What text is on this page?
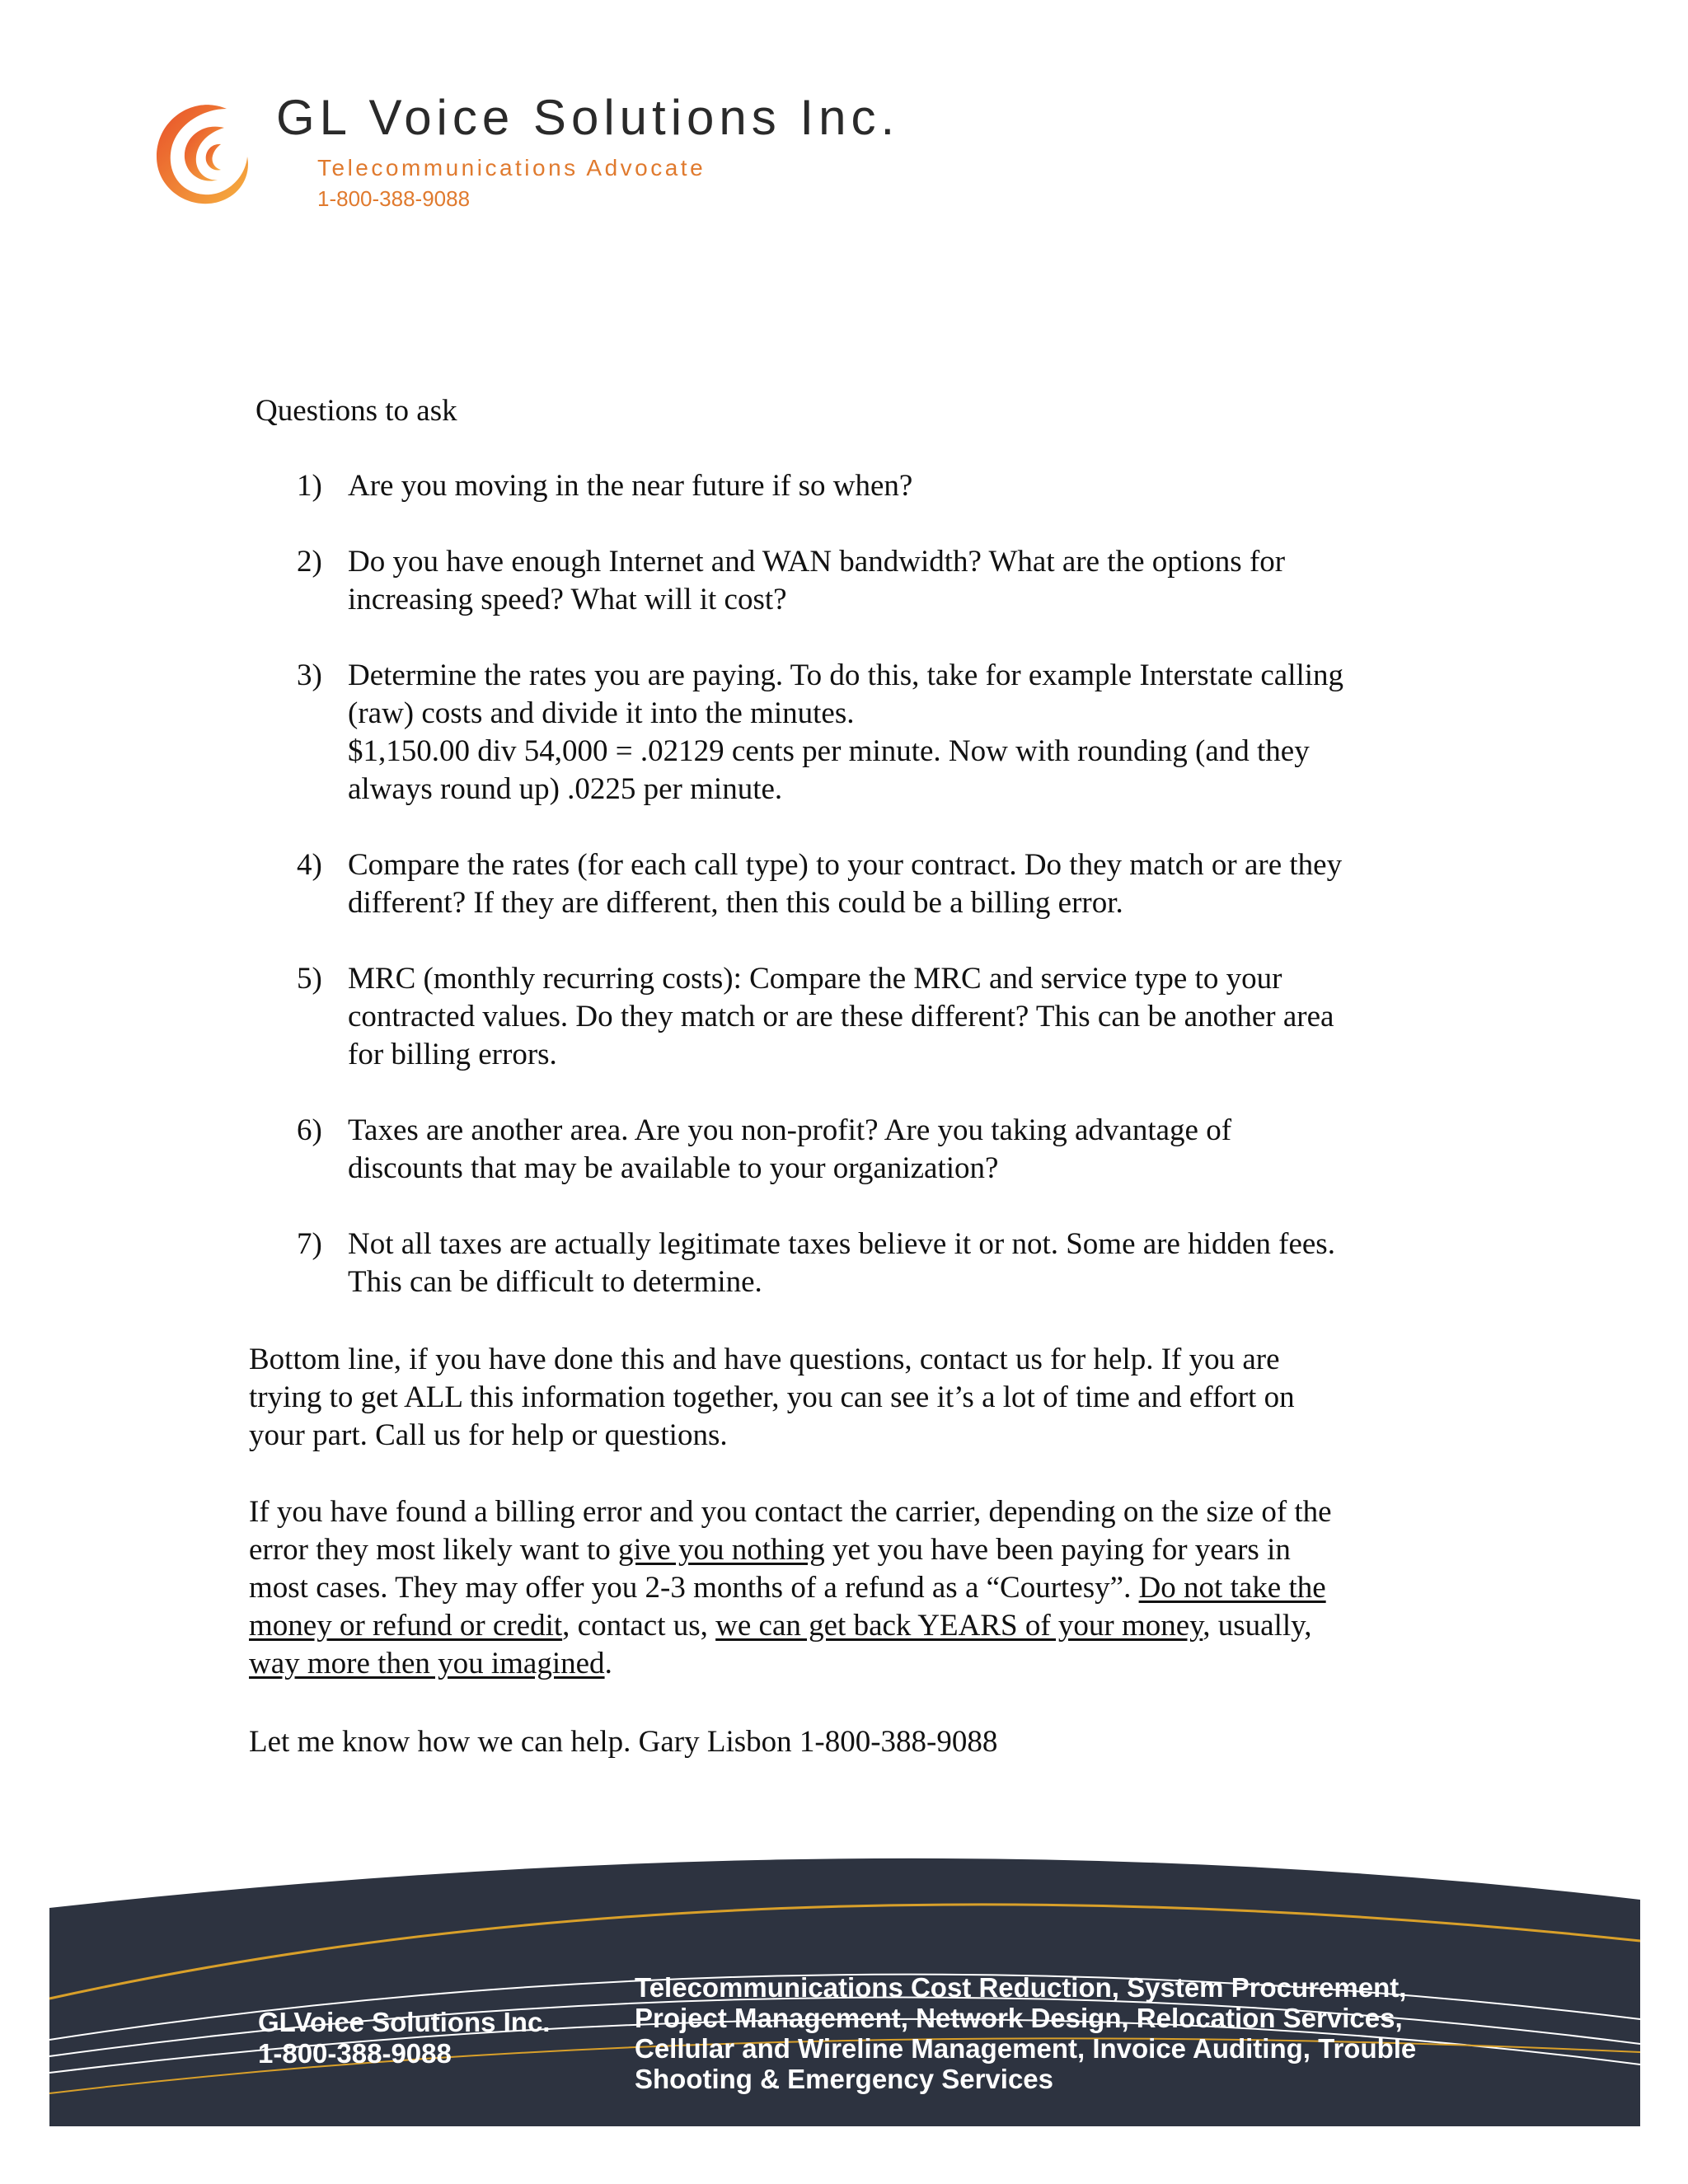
GL Voice Solutions Inc.
Telecommunications Advocate
1-800-388-9088
Questions to ask
1) Are you moving in the near future if so when?
2) Do you have enough Internet and WAN bandwidth? What are the options for
increasing speed? What will it cost?
3) Determine the rates you are paying. To do this, take for example Interstate calling
(raw) costs and divide it into the minutes.
$1,150.00 div 54,000 = .02129 cents per minute. Now with rounding (and they
always round up) .0225 per minute.
4) Compare the rates (for each call type) to your contract. Do they match or are they
different? If they are different, then this could be a billing error.
5) MRC (monthly recurring costs): Compare the MRC and service type to your
contracted values. Do they match or are these different? This can be another area
for billing errors.
6) Taxes are another area. Are you non-profit? Are you taking advantage of
discounts that may be available to your organization?
7) Not all taxes are actually legitimate taxes believe it or not. Some are hidden fees.
This can be difficult to determine.
Bottom line, if you have done this and have questions, contact us for help. If you are
trying to get ALL this information together, you can see it’s a lot of time and effort on
your part. Call us for help or questions.
If you have found a billing error and you contact the carrier, depending on the size of the
error they most likely want to give you nothing yet you have been paying for years in
most cases. They may offer you 2-3 months of a refund as a “Courtesy”. Do not take the
money or refund or credit, contact us, we can get back YEARS of your money, usually,
way more then you imagined.
Let me know how we can help. Gary Lisbon 1-800-388-9088
GLVoice Solutions Inc.
1-800-388-9088
Telecommunications Cost Reduction, System Procurement,
Project Management, Network Design, Relocation Services,
Cellular and Wireline Management, Invoice Auditing, Trouble
Shooting & Emergency Services
